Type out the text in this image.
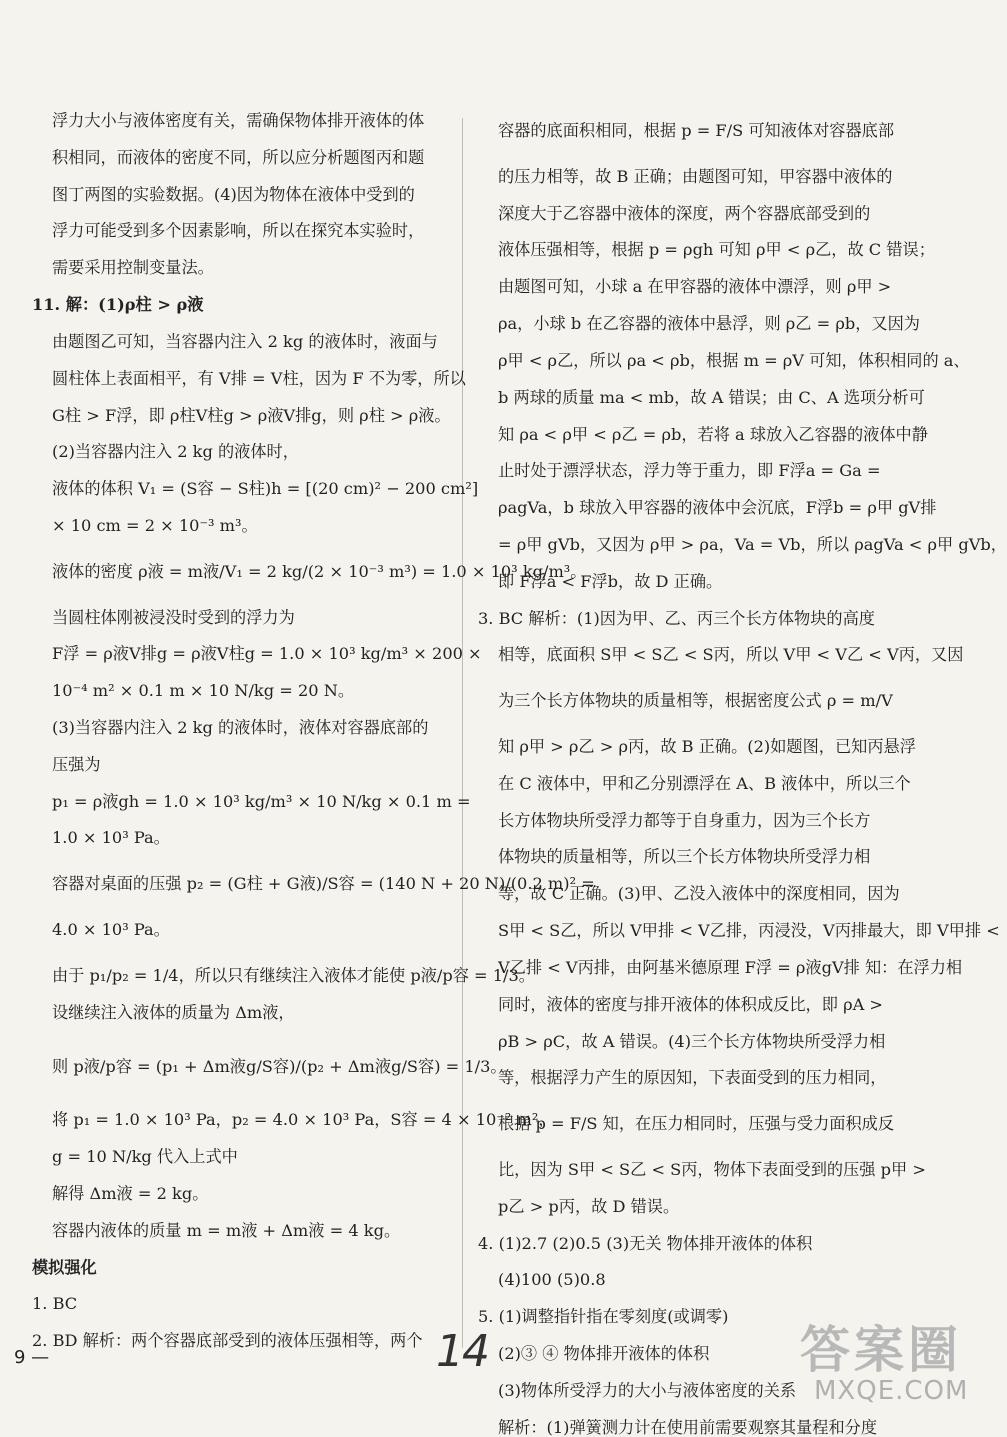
浮力大小与液体密度有关，需确保物体排开液体的体
积相同，而液体的密度不同，所以应分析题图丙和题
图丁两图的实验数据。(4)因为物体在液体中受到的
浮力可能受到多个因素影响，所以在探究本实验时，
需要采用控制变量法。
11. 解：(1)ρ柱 > ρ液
由题图乙可知，当容器内注入 2 kg 的液体时，液面与
圆柱体上表面相平，有 V排 = V柱，因为 F 不为零，所以
G柱 > F浮，即 ρ柱V柱g > ρ液V排g，则 ρ柱 > ρ液。
(2)当容器内注入 2 kg 的液体时，
液体的体积 V₁ = (S容 − S柱)h = [(20 cm)² − 200 cm²]
× 10 cm = 2 × 10⁻³ m³。
液体的密度 ρ液 = m液/V₁ = 2 kg/(2 × 10⁻³ m³) = 1.0 × 10³ kg/m³。
当圆柱体刚被浸没时受到的浮力为
F浮 = ρ液V排g = ρ液V柱g = 1.0 × 10³ kg/m³ × 200 ×
10⁻⁴ m² × 0.1 m × 10 N/kg = 20 N。
(3)当容器内注入 2 kg 的液体时，液体对容器底部的
压强为
p₁ = ρ液gh = 1.0 × 10³ kg/m³ × 10 N/kg × 0.1 m =
1.0 × 10³ Pa。
容器对桌面的压强 p₂ = (G柱 + G液)/S容 = (140 N + 20 N)/(0.2 m)² =
4.0 × 10³ Pa。
由于 p₁/p₂ = 1/4，所以只有继续注入液体才能使 p液/p容 = 1/3。
设继续注入液体的质量为 Δm液，
则 p液/p容 = (p₁ + Δm液g/S容)/(p₂ + Δm液g/S容) = 1/3。
将 p₁ = 1.0 × 10³ Pa，p₂ = 4.0 × 10³ Pa，S容 = 4 × 10⁻² m²，
g = 10 N/kg 代入上式中
解得 Δm液 = 2 kg。
容器内液体的质量 m = m液 + Δm液 = 4 kg。
模拟强化
1. BC
2. BD 解析：两个容器底部受到的液体压强相等，两个
容器的底面积相同，根据 p = F/S 可知液体对容器底部
的压力相等，故 B 正确；由题图可知，甲容器中液体的
深度大于乙容器中液体的深度，两个容器底部受到的
液体压强相等，根据 p = ρgh 可知 ρ甲 < ρ乙，故 C 错误；
由题图可知，小球 a 在甲容器的液体中漂浮，则 ρ甲 >
ρa，小球 b 在乙容器的液体中悬浮，则 ρ乙 = ρb，又因为
ρ甲 < ρ乙，所以 ρa < ρb，根据 m = ρV 可知，体积相同的 a、
b 两球的质量 ma < mb，故 A 错误；由 C、A 选项分析可
知 ρa < ρ甲 < ρ乙 = ρb，若将 a 球放入乙容器的液体中静
止时处于漂浮状态，浮力等于重力，即 F浮a = Ga =
ρagVa，b 球放入甲容器的液体中会沉底，F浮b = ρ甲 gV排
= ρ甲 gVb，又因为 ρ甲 > ρa，Va = Vb，所以 ρagVa < ρ甲 gVb，
即 F浮a < F浮b，故 D 正确。
3. BC 解析：(1)因为甲、乙、丙三个长方体物块的高度
相等，底面积 S甲 < S乙 < S丙，所以 V甲 < V乙 < V丙，又因
为三个长方体物块的质量相等，根据密度公式 ρ = m/V
知 ρ甲 > ρ乙 > ρ丙，故 B 正确。(2)如题图，已知丙悬浮
在 C 液体中，甲和乙分别漂浮在 A、B 液体中，所以三个
长方体物块所受浮力都等于自身重力，因为三个长方
体物块的质量相等，所以三个长方体物块所受浮力相
等，故 C 正确。(3)甲、乙没入液体中的深度相同，因为
S甲 < S乙，所以 V甲排 < V乙排，丙浸没，V丙排最大，即 V甲排 <
V乙排 < V丙排，由阿基米德原理 F浮 = ρ液gV排 知：在浮力相
同时，液体的密度与排开液体的体积成反比，即 ρA >
ρB > ρC，故 A 错误。(4)三个长方体物块所受浮力相
等，根据浮力产生的原因知，下表面受到的压力相同，
根据 p = F/S 知，在压力相同时，压强与受力面积成反
比，因为 S甲 < S乙 < S丙，物体下表面受到的压强 p甲 >
p乙 > p丙，故 D 错误。
4. (1)2.7 (2)0.5 (3)无关 物体排开液体的体积
(4)100 (5)0.8
5. (1)调整指针指在零刻度(或调零)
(2)③ ④ 物体排开液体的体积
(3)物体所受浮力的大小与液体密度的关系
解析：(1)弹簧测力计在使用前需要观察其量程和分度
9 —	14	答案圈
MXQE.COM
